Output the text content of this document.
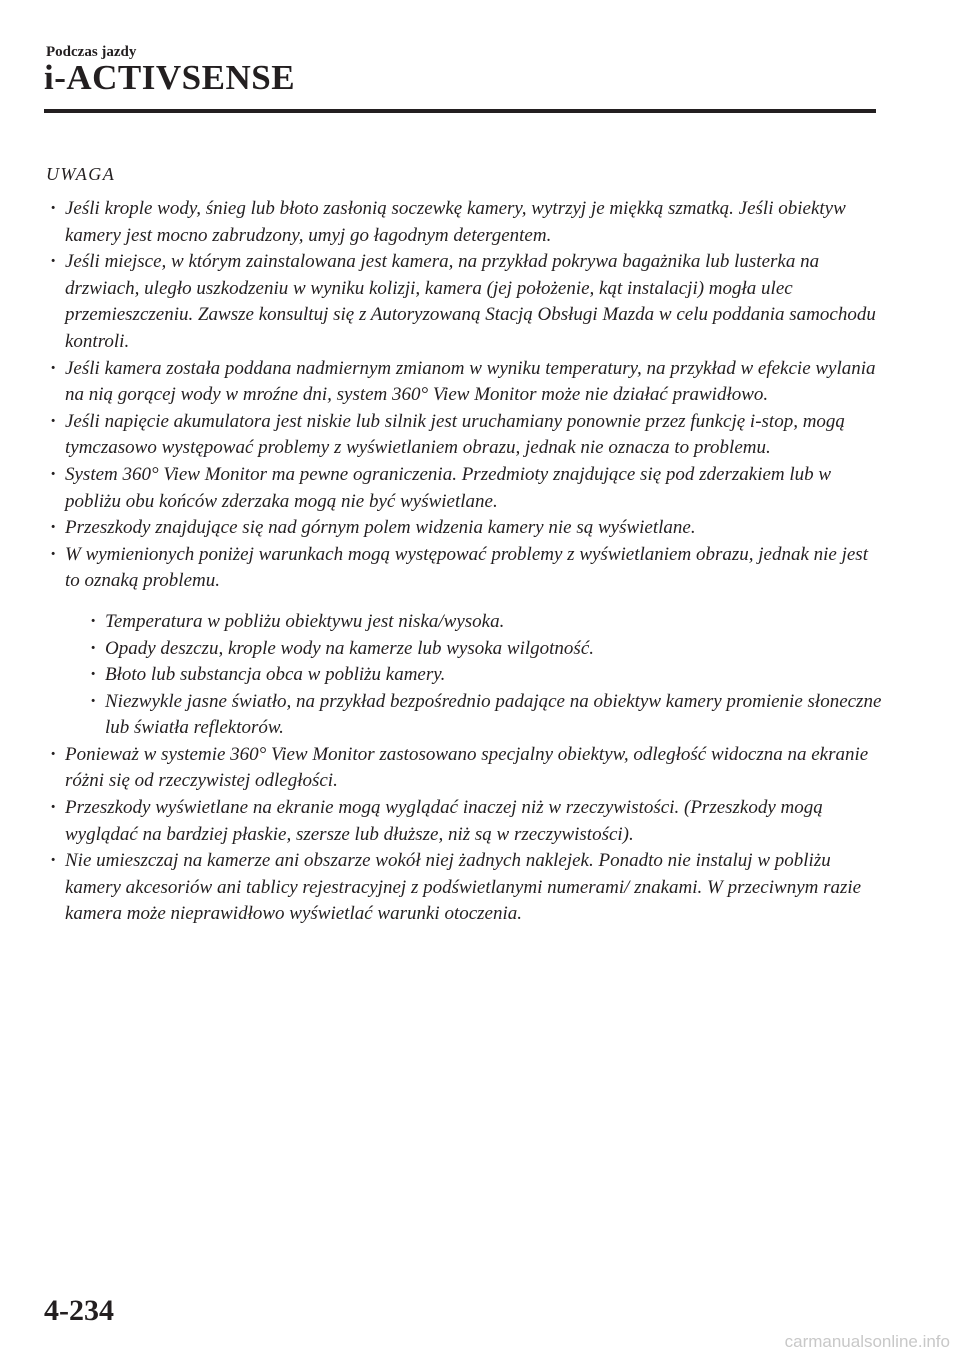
Podczas jazdy
i-ACTIVSENSE
UWAGA
· Jeśli krople wody, śnieg lub błoto zasłonią soczewkę kamery, wytrzyj je miękką szmatką. Jeśli obiektyw kamery jest mocno zabrudzony, umyj go łagodnym detergentem.
· Jeśli miejsce, w którym zainstalowana jest kamera, na przykład pokrywa bagażnika lub lusterka na drzwiach, uległo uszkodzeniu w wyniku kolizji, kamera (jej położenie, kąt instalacji) mogła ulec przemieszczeniu. Zawsze konsultuj się z Autoryzowaną Stacją Obsługi Mazda w celu poddania samochodu kontroli.
· Jeśli kamera została poddana nadmiernym zmianom w wyniku temperatury, na przykład w efekcie wylania na nią gorącej wody w mroźne dni, system 360° View Monitor może nie działać prawidłowo.
· Jeśli napięcie akumulatora jest niskie lub silnik jest uruchamiany ponownie przez funkcję i-stop, mogą tymczasowo występować problemy z wyświetlaniem obrazu, jednak nie oznacza to problemu.
· System 360° View Monitor ma pewne ograniczenia. Przedmioty znajdujące się pod zderzakiem lub w pobliżu obu końców zderzaka mogą nie być wyświetlane.
· Przeszkody znajdujące się nad górnym polem widzenia kamery nie są wyświetlane.
· W wymienionych poniżej warunkach mogą występować problemy z wyświetlaniem obrazu, jednak nie jest to oznaką problemu.
· Temperatura w pobliżu obiektywu jest niska/wysoka.
· Opady deszczu, krople wody na kamerze lub wysoka wilgotność.
· Błoto lub substancja obca w pobliżu kamery.
· Niezwykle jasne światło, na przykład bezpośrednio padające na obiektyw kamery promienie słoneczne lub światła reflektorów.
· Ponieważ w systemie 360° View Monitor zastosowano specjalny obiektyw, odległość widoczna na ekranie różni się od rzeczywistej odległości.
· Przeszkody wyświetlane na ekranie mogą wyglądać inaczej niż w rzeczywistości. (Przeszkody mogą wyglądać na bardziej płaskie, szersze lub dłuższe, niż są w rzeczywistości).
· Nie umieszczaj na kamerze ani obszarze wokół niej żadnych naklejek. Ponadto nie instaluj w pobliżu kamery akcesoriów ani tablicy rejestracyjnej z podświetlanymi numerami/ znakami. W przeciwnym razie kamera może nieprawidłowo wyświetlać warunki otoczenia.
4-234
carmanualsonline.info
